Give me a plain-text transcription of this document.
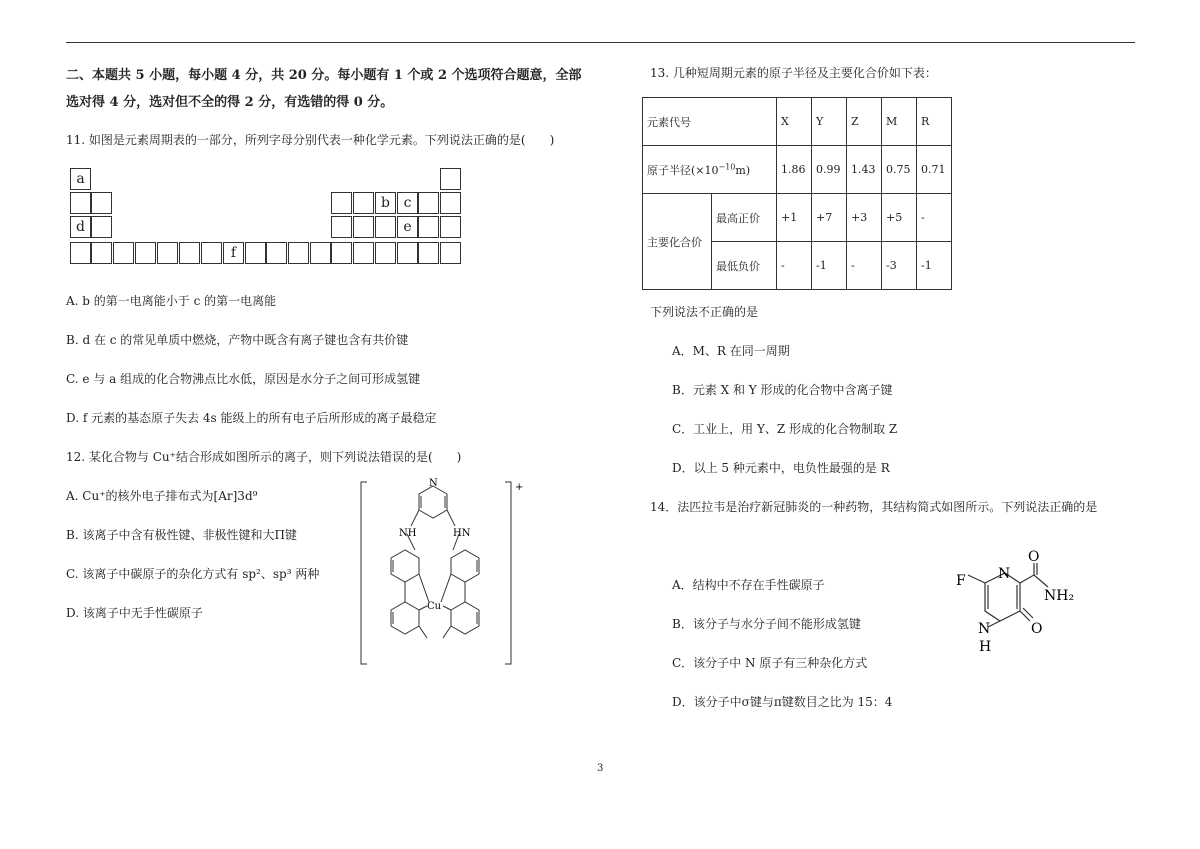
二、本题共 5 小题，每小题 4 分，共 20 分。每小题有 1 个或 2 个选项符合题意，全部
选对得 4 分，选对但不全的得 2 分，有选错的得 0 分。
11. 如图是元素周期表的一部分，所列字母分别代表一种化学元素。下列说法正确的是(　　)
a
b c
d	e
f
A. b 的第一电离能小于 c 的第一电离能
B. d 在 c 的常见单质中燃烧，产物中既含有离子键也含有共价键
C. e 与 a 组成的化合物沸点比水低，原因是水分子之间可形成氢键
D. f 元素的基态原子失去 4s 能级上的所有电子后所形成的离子最稳定
12. 某化合物与 Cu⁺结合形成如图所示的离子，则下列说法错误的是(　　)
A. Cu⁺的核外电子排布式为[Ar]3d⁹
B. 该离子中含有极性键、非极性键和大Π键
C. 该离子中碳原子的杂化方式有 sp²、sp³ 两种
D. 该离子中无手性碳原子
N
NH	HN
Cu
+
13. 几种短周期元素的原子半径及主要化合价如下表：
元素代号		X	Y	Z	M	R
原子半径$(\times 10^{-10}m)$		1.86	0.99	1.43	0.75	0.71
主要化合价	最高正价	+1	+7	+3	+5	-
	最低负价	-	-1	-	-3	-1
下列说法不正确的是
A．M、R 在同一周期
B．元素 X 和 Y 形成的化合物中含离子键
C．工业上，用 Y、Z 形成的化合物制取 Z
D．以上 5 种元素中，电负性最强的是 R
14．法匹拉韦是治疗新冠肺炎的一种药物，其结构简式如图所示。下列说法正确的是
A．结构中不存在手性碳原子
B．该分子与水分子间不能形成氢键
C．该分子中 N 原子有三种杂化方式
D．该分子中σ键与π键数目之比为 15：4
F N
O
NH₂
O
N
H
3
